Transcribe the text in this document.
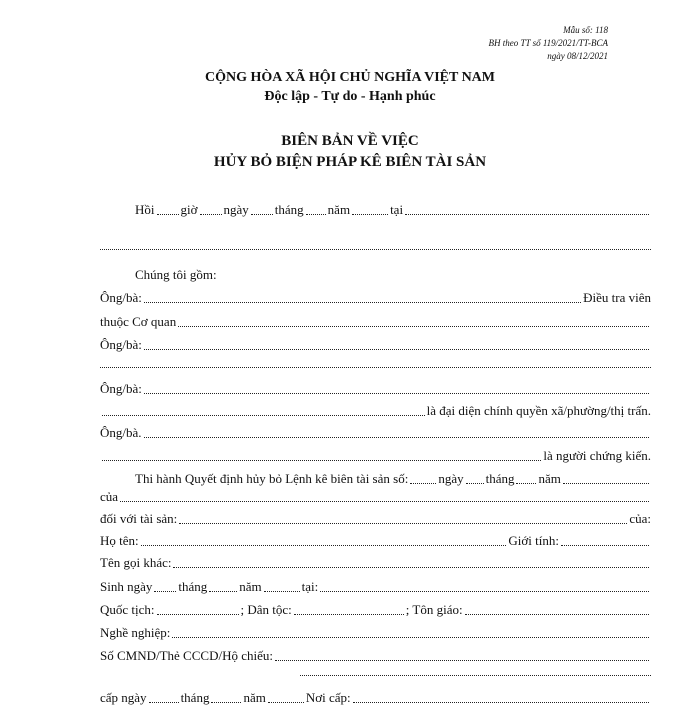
Mẫu số: 118
BH theo TT số 119/2021/TT-BCA
ngày 08/12/2021
CỘNG HÒA XÃ HỘI CHỦ NGHĨA VIỆT NAM
Độc lập - Tự do - Hạnh phúc
BIÊN BẢN VỀ VIỆC
HỦY BỎ BIỆN PHÁP KÊ BIÊN TÀI SẢN
Hồi giờ ngày tháng năm	tại
Chúng tôi gồm:
Ông/bà:	Điều tra viên
thuộc Cơ quan
Ông/bà:
Ông/bà:
là đại diện chính quyền xã/phường/thị trấn.
Ông/bà.
là người chứng kiến.
Thi hành Quyết định hủy bỏ Lệnh kê biên tài sản số: ngày tháng năm
của
đối với tài sản:	của:
Họ tên:	Giới tính:
Tên gọi khác:
Sinh ngày tháng năm	tại:
Quốc tịch:	; Dân tộc:	; Tôn giáo:
Nghề nghiệp:
Số CMND/Thẻ CCCD/Hộ chiếu:
cấp ngày	tháng	năm	Nơi cấp:
